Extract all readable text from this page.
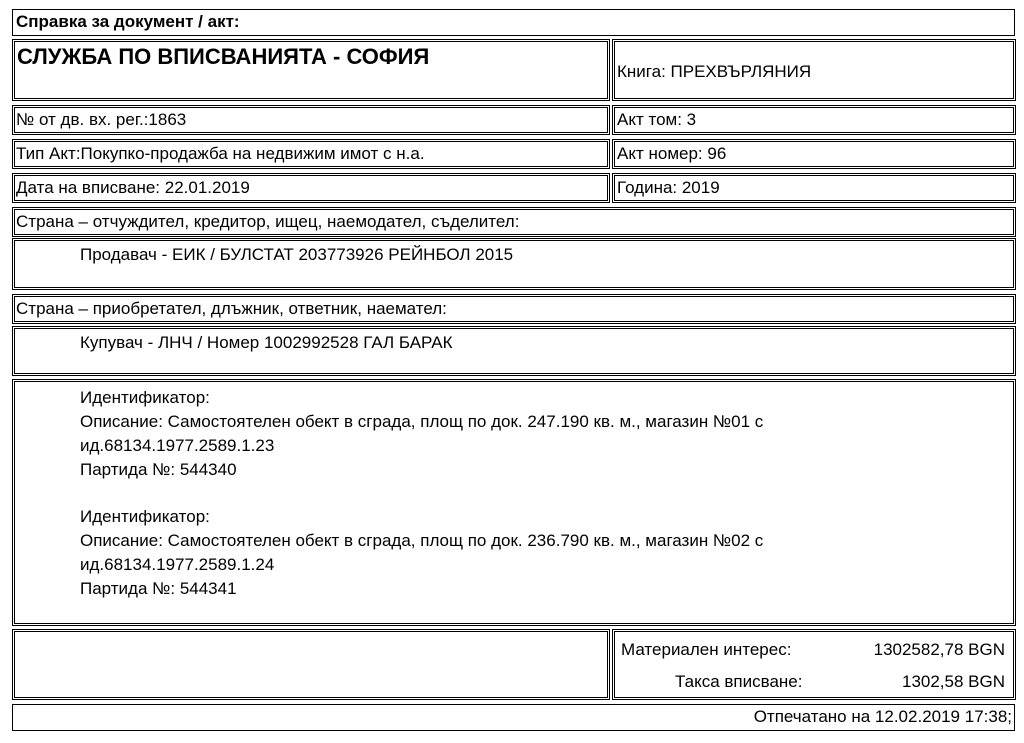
Справка за документ / акт:
СЛУЖБА ПО ВПИСВАНИЯТА - СОФИЯ
Книга: ПРЕХВЪРЛЯНИЯ
№ от дв. вх. рег.:1863	Акт том: 3
Тип Акт:Покупко-продажба на недвижим имот с н.а.	Акт номер: 96
Дата на вписване: 22.01.2019	Година: 2019
Страна – отчуждител, кредитор, ищец, наемодател, съделител:
Продавач - ЕИК / БУЛСТАТ 203773926 РЕЙНБОЛ 2015
Страна – приобретател, длъжник, ответник, наемател:
Купувач - ЛНЧ / Номер 1002992528 ГАЛ БАРАК
Идентификатор:
Описание: Самостоятелен обект в сграда, площ по док. 247.190 кв. м., магазин №01 с
ид.68134.1977.2589.1.23
Партида №: 544340
Идентификатор:
Описание: Самостоятелен обект в сграда, площ по док. 236.790 кв. м., магазин №02 с
ид.68134.1977.2589.1.24
Партида №: 544341
Материален интерес:	1302582,78 BGN
Такса вписване:	1302,58 BGN
Отпечатано на 12.02.2019 17:38;
